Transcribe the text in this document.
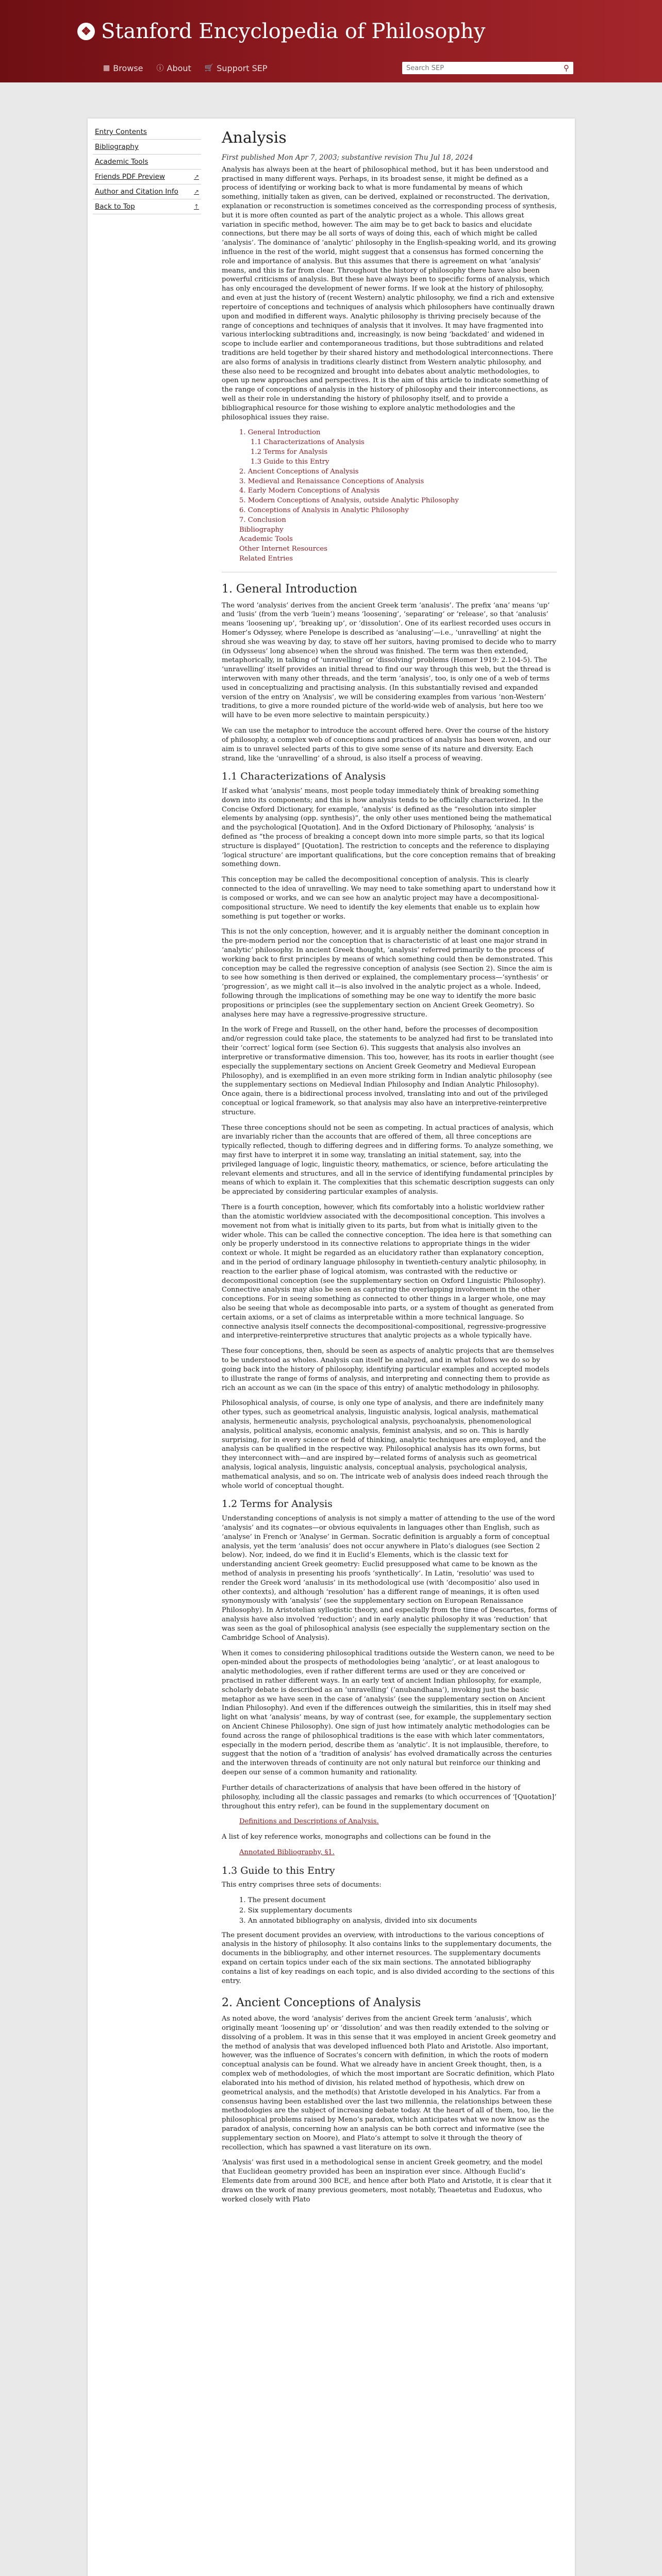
❖ Stanford Encyclopedia of Philosophy
▦ Browse ⓘ About 🛒 Support SEP	Search SEP	⚲
Entry Contents
Bibliography
Academic Tools
Friends PDF Preview	↗
Author and Citation Info	↗
Back to Top	↑
Analysis
First published Mon Apr 7, 2003; substantive revision Thu Jul 18, 2024

Analysis has always been at the heart of philosophical method, but it has been understood and practised in many different ways. Perhaps, in its broadest sense, it might be defined as a process of identifying or working back to what is more fundamental by means of which something, initially taken as given, can be derived, explained or reconstructed. The derivation, explanation or reconstruction is sometimes conceived as the corresponding process of synthesis, but it is more often counted as part of the analytic project as a whole. This allows great variation in specific method, however. The aim may be to get back to basics and elucidate connections, but there may be all sorts of ways of doing this, each of which might be called ‘analysis’. The dominance of ‘analytic’ philosophy in the English-speaking world, and its growing influence in the rest of the world, might suggest that a consensus has formed concerning the role and importance of analysis. But this assumes that there is agreement on what ‘analysis’ means, and this is far from clear. Throughout the history of philosophy there have also been powerful criticisms of analysis. But these have always been to specific forms of analysis, which has only encouraged the development of newer forms. If we look at the history of philosophy, and even at just the history of (recent Western) analytic philosophy, we find a rich and extensive repertoire of conceptions and techniques of analysis which philosophers have continually drawn upon and modified in different ways. Analytic philosophy is thriving precisely because of the range of conceptions and techniques of analysis that it involves. It may have fragmented into various interlocking subtraditions and, increasingly, is now being ‘backdated’ and widened in scope to include earlier and contemporaneous traditions, but those subtraditions and related traditions are held together by their shared history and methodological interconnections. There are also forms of analysis in traditions clearly distinct from Western analytic philosophy, and these also need to be recognized and brought into debates about analytic methodologies, to open up new approaches and perspectives. It is the aim of this article to indicate something of the range of conceptions of analysis in the history of philosophy and their interconnections, as well as their role in understanding the history of philosophy itself, and to provide a bibliographical resource for those wishing to explore analytic methodologies and the philosophical issues they raise.

1. General Introduction
1.1 Characterizations of Analysis
1.2 Terms for Analysis
1.3 Guide to this Entry
2. Ancient Conceptions of Analysis
3. Medieval and Renaissance Conceptions of Analysis
4. Early Modern Conceptions of Analysis
5. Modern Conceptions of Analysis, outside Analytic Philosophy
6. Conceptions of Analysis in Analytic Philosophy
7. Conclusion
Bibliography
Academic Tools
Other Internet Resources
Related Entries
1. General Introduction

The word ‘analysis’ derives from the ancient Greek term ‘analusis’. The prefix ‘ana’ means ‘up’ and ‘lusis’ (from the verb ‘luein’) means ‘loosening’, ‘separating’ or ‘release’, so that ‘analusis’ means ‘loosening up’, ‘breaking up’, or ‘dissolution’. One of its earliest recorded uses occurs in Homer’s Odyssey, where Penelope is described as ‘analusing’—i.e., ‘unravelling’ at night the shroud she was weaving by day, to stave off her suitors, having promised to decide who to marry (in Odysseus’ long absence) when the shroud was finished. The term was then extended, metaphorically, in talking of ‘unravelling’ or ‘dissolving’ problems (Homer 1919: 2.104-5). The ‘unravelling’ itself provides an initial thread to find our way through this web, but the thread is interwoven with many other threads, and the term ‘analysis’, too, is only one of a web of terms used in conceptualizing and practising analysis. (In this substantially revised and expanded version of the entry on ‘Analysis’, we will be considering examples from various ‘non-Western’ traditions, to give a more rounded picture of the world-wide web of analysis, but here too we will have to be even more selective to maintain perspicuity.)

We can use the metaphor to introduce the account offered here. Over the course of the history of philosophy, a complex web of conceptions and practices of analysis has been woven, and our aim is to unravel selected parts of this to give some sense of its nature and diversity. Each strand, like the ‘unravelling’ of a shroud, is also itself a process of weaving.

1.1 Characterizations of Analysis

If asked what ‘analysis’ means, most people today immediately think of breaking something down into its components; and this is how analysis tends to be officially characterized. In the Concise Oxford Dictionary, for example, ‘analysis’ is defined as the “resolution into simpler elements by analysing (opp. synthesis)”, the only other uses mentioned being the mathematical and the psychological [Quotation]. And in the Oxford Dictionary of Philosophy, ‘analysis’ is defined as “the process of breaking a concept down into more simple parts, so that its logical structure is displayed” [Quotation]. The restriction to concepts and the reference to displaying ‘logical structure’ are important qualifications, but the core conception remains that of breaking something down.

This conception may be called the decompositional conception of analysis. This is clearly connected to the idea of unravelling. We may need to take something apart to understand how it is composed or works, and we can see how an analytic project may have a decompositional-compositional structure. We need to identify the key elements that enable us to explain how something is put together or works.

This is not the only conception, however, and it is arguably neither the dominant conception in the pre-modern period nor the conception that is characteristic of at least one major strand in ‘analytic’ philosophy. In ancient Greek thought, ‘analysis’ referred primarily to the process of working back to first principles by means of which something could then be demonstrated. This conception may be called the regressive conception of analysis (see Section 2). Since the aim is to see how something is then derived or explained, the complementary process—‘synthesis’ or ‘progression’, as we might call it—is also involved in the analytic project as a whole. Indeed, following through the implications of something may be one way to identify the more basic propositions or principles (see the supplementary section on Ancient Greek Geometry). So analyses here may have a regressive-progressive structure.

In the work of Frege and Russell, on the other hand, before the processes of decomposition and/or regression could take place, the statements to be analyzed had first to be translated into their ‘correct’ logical form (see Section 6). This suggests that analysis also involves an interpretive or transformative dimension. This too, however, has its roots in earlier thought (see especially the supplementary sections on Ancient Greek Geometry and Medieval European Philosophy), and is exemplified in an even more striking form in Indian analytic philosophy (see the supplementary sections on Medieval Indian Philosophy and Indian Analytic Philosophy). Once again, there is a bidirectional process involved, translating into and out of the privileged conceptual or logical framework, so that analysis may also have an interpretive-reinterpretive structure.

These three conceptions should not be seen as competing. In actual practices of analysis, which are invariably richer than the accounts that are offered of them, all three conceptions are typically reflected, though to differing degrees and in differing forms. To analyze something, we may first have to interpret it in some way, translating an initial statement, say, into the privileged language of logic, linguistic theory, mathematics, or science, before articulating the relevant elements and structures, and all in the service of identifying fundamental principles by means of which to explain it. The complexities that this schematic description suggests can only be appreciated by considering particular examples of analysis.

There is a fourth conception, however, which fits comfortably into a holistic worldview rather than the atomistic worldview associated with the decompositional conception. This involves a movement not from what is initially given to its parts, but from what is initially given to the wider whole. This can be called the connective conception. The idea here is that something can only be properly understood in its connective relations to appropriate things in the wider context or whole. It might be regarded as an elucidatory rather than explanatory conception, and in the period of ordinary language philosophy in twentieth-century analytic philosophy, in reaction to the earlier phase of logical atomism, was contrasted with the reductive or decompositional conception (see the supplementary section on Oxford Linguistic Philosophy). Connective analysis may also be seen as capturing the overlapping involvement in the other conceptions. For in seeing something as connected to other things in a larger whole, one may also be seeing that whole as decomposable into parts, or a system of thought as generated from certain axioms, or a set of claims as interpretable within a more technical language. So connective analysis itself connects the decompositional-compositional, regressive-progressive and interpretive-reinterpretive structures that analytic projects as a whole typically have.

These four conceptions, then, should be seen as aspects of analytic projects that are themselves to be understood as wholes. Analysis can itself be analyzed, and in what follows we do so by going back into the history of philosophy, identifying particular examples and accepted models to illustrate the range of forms of analysis, and interpreting and connecting them to provide as rich an account as we can (in the space of this entry) of analytic methodology in philosophy.

Philosophical analysis, of course, is only one type of analysis, and there are indefinitely many other types, such as geometrical analysis, linguistic analysis, logical analysis, mathematical analysis, hermeneutic analysis, psychological analysis, psychoanalysis, phenomenological analysis, political analysis, economic analysis, feminist analysis, and so on. This is hardly surprising, for in every science or field of thinking, analytic techniques are employed, and the analysis can be qualified in the respective way. Philosophical analysis has its own forms, but they interconnect with—and are inspired by—related forms of analysis such as geometrical analysis, logical analysis, linguistic analysis, conceptual analysis, psychological analysis, mathematical analysis, and so on. The intricate web of analysis does indeed reach through the whole world of conceptual thought.

1.2 Terms for Analysis

Understanding conceptions of analysis is not simply a matter of attending to the use of the word ‘analysis’ and its cognates—or obvious equivalents in languages other than English, such as ‘analyse’ in French or ‘Analyse’ in German. Socratic definition is arguably a form of conceptual analysis, yet the term ‘analusis’ does not occur anywhere in Plato’s dialogues (see Section 2 below). Nor, indeed, do we find it in Euclid’s Elements, which is the classic text for understanding ancient Greek geometry: Euclid presupposed what came to be known as the method of analysis in presenting his proofs ‘synthetically’. In Latin, ‘resolutio’ was used to render the Greek word ‘analusis’ in its methodological use (with ‘decompositio’ also used in other contexts), and although ‘resolution’ has a different range of meanings, it is often used synonymously with ‘analysis’ (see the supplementary section on European Renaissance Philosophy). In Aristotelian syllogistic theory, and especially from the time of Descartes, forms of analysis have also involved ‘reduction’; and in early analytic philosophy it was ‘reduction’ that was seen as the goal of philosophical analysis (see especially the supplementary section on the Cambridge School of Analysis).

When it comes to considering philosophical traditions outside the Western canon, we need to be open-minded about the prospects of methodologies being ‘analytic’, or at least analogous to analytic methodologies, even if rather different terms are used or they are conceived or practised in rather different ways. In an early text of ancient Indian philosophy, for example, scholarly debate is described as an ‘unravelling’ (‘anubandhana’), invoking just the basic metaphor as we have seen in the case of ‘analysis’ (see the supplementary section on Ancient Indian Philosophy). And even if the differences outweigh the similarities, this in itself may shed light on what ‘analysis’ means, by way of contrast (see, for example, the supplementary section on Ancient Chinese Philosophy). One sign of just how intimately analytic methodologies can be found across the range of philosophical traditions is the ease with which later commentators, especially in the modern period, describe them as ‘analytic’. It is not implausible, therefore, to suggest that the notion of a ‘tradition of analysis’ has evolved dramatically across the centuries and the interwoven threads of continuity are not only natural but reinforce our thinking and deepen our sense of a common humanity and rationality.

Further details of characterizations of analysis that have been offered in the history of philosophy, including all the classic passages and remarks (to which occurrences of ‘[Quotation]’ throughout this entry refer), can be found in the supplementary document on

Definitions and Descriptions of Analysis.

A list of key reference works, monographs and collections can be found in the

Annotated Bibliography, §1.

1.3 Guide to this Entry

This entry comprises three sets of documents:

1. The present document
2. Six supplementary documents
3. An annotated bibliography on analysis, divided into six documents

The present document provides an overview, with introductions to the various conceptions of analysis in the history of philosophy. It also contains links to the supplementary documents, the documents in the bibliography, and other internet resources. The supplementary documents expand on certain topics under each of the six main sections. The annotated bibliography contains a list of key readings on each topic, and is also divided according to the sections of this entry.

2. Ancient Conceptions of Analysis

As noted above, the word ‘analysis’ derives from the ancient Greek term ‘analusis’, which originally meant ‘loosening up’ or ‘dissolution’ and was then readily extended to the solving or dissolving of a problem. It was in this sense that it was employed in ancient Greek geometry and the method of analysis that was developed influenced both Plato and Aristotle. Also important, however, was the influence of Socrates’s concern with definition, in which the roots of modern conceptual analysis can be found. What we already have in ancient Greek thought, then, is a complex web of methodologies, of which the most important are Socratic definition, which Plato elaborated into his method of division, his related method of hypothesis, which drew on geometrical analysis, and the method(s) that Aristotle developed in his Analytics. Far from a consensus having been established over the last two millennia, the relationships between these methodologies are the subject of increasing debate today. At the heart of all of them, too, lie the philosophical problems raised by Meno’s paradox, which anticipates what we now know as the paradox of analysis, concerning how an analysis can be both correct and informative (see the supplementary section on Moore), and Plato’s attempt to solve it through the theory of recollection, which has spawned a vast literature on its own.

‘Analysis’ was first used in a methodological sense in ancient Greek geometry, and the model that Euclidean geometry provided has been an inspiration ever since. Although Euclid’s Elements date from around 300 BCE, and hence after both Plato and Aristotle, it is clear that it draws on the work of many previous geometers, most notably, Theaetetus and Eudoxus, who worked closely with Plato
